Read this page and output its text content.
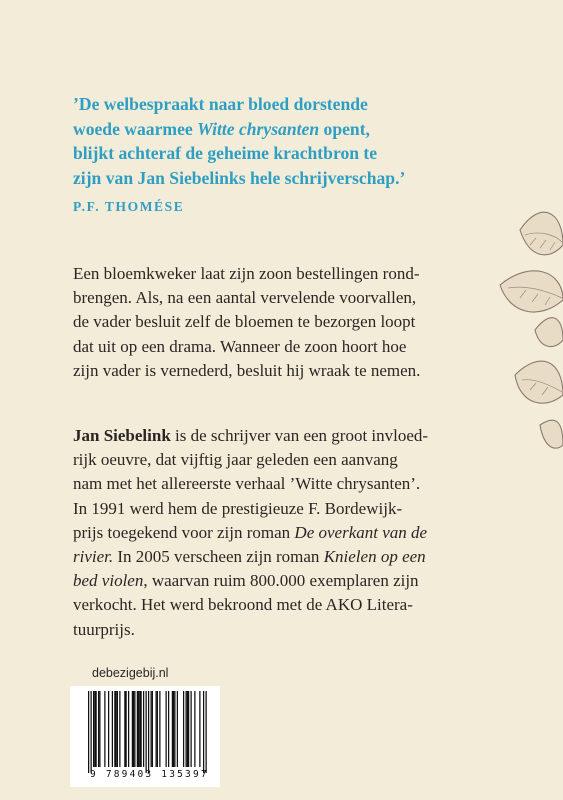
’De welbespraakt naar bloed dorstende
woede waarmee Witte chrysanten opent,
blijkt achteraf de geheime krachtbron te
zijn van Jan Siebelinks hele schrijverschap.’
P.F. THOMÉSE
Een bloemkweker laat zijn zoon bestellingen rond-
brengen. Als, na een aantal vervelende voorvallen,
de vader besluit zelf de bloemen te bezorgen loopt
dat uit op een drama. Wanneer de zoon hoort hoe
zijn vader is vernederd, besluit hij wraak te nemen.
Jan Siebelink is de schrijver van een groot invloed-
rijk oeuvre, dat vijftig jaar geleden een aanvang
nam met het allereerste verhaal ’Witte chrysanten’.
In 1991 werd hem de prestigieuze F. Bordewijk-
prijs toegekend voor zijn roman De overkant van de
rivier. In 2005 verscheen zijn roman Knielen op een
bed violen, waarvan ruim 800.000 exemplaren zijn
verkocht. Het werd bekroond met de AKO Litera-
tuurprijs.
debezigebij.nl
9 789403 135397
